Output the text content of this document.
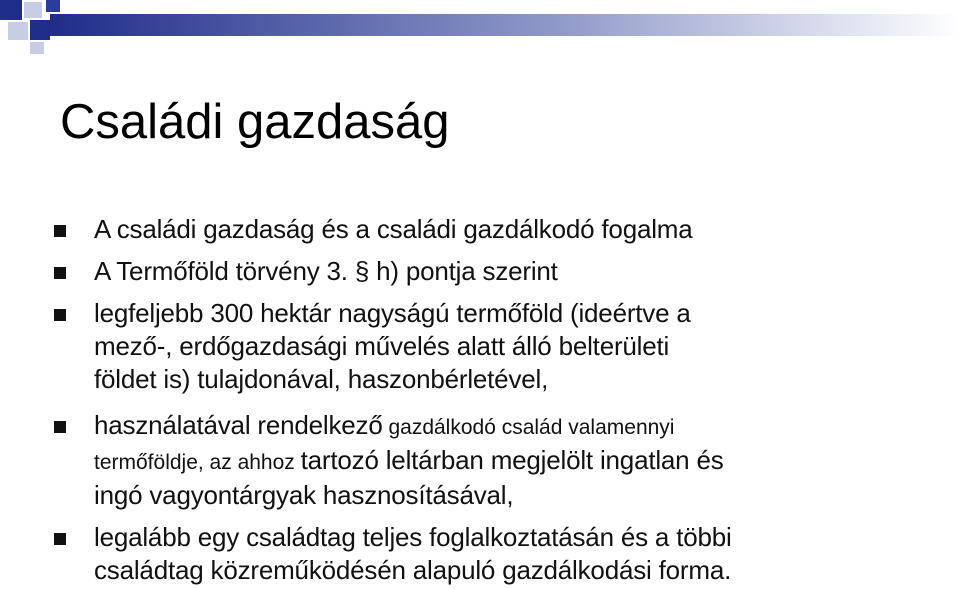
Családi gazdaság
A családi gazdaság és a családi gazdálkodó fogalma
A Termőföld törvény 3. § h) pontja szerint
legfeljebb 300 hektár nagyságú termőföld (ideértve a
mező-, erdőgazdasági művelés alatt álló belterületi
földet is) tulajdonával, haszonbérletével,
használatával rendelkező gazdálkodó család valamennyi
termőföldje, az ahhoz tartozó leltárban megjelölt ingatlan és
ingó vagyontárgyak hasznosításával,
legalább egy családtag teljes foglalkoztatásán és a többi
családtag közreműködésén alapuló gazdálkodási forma.
